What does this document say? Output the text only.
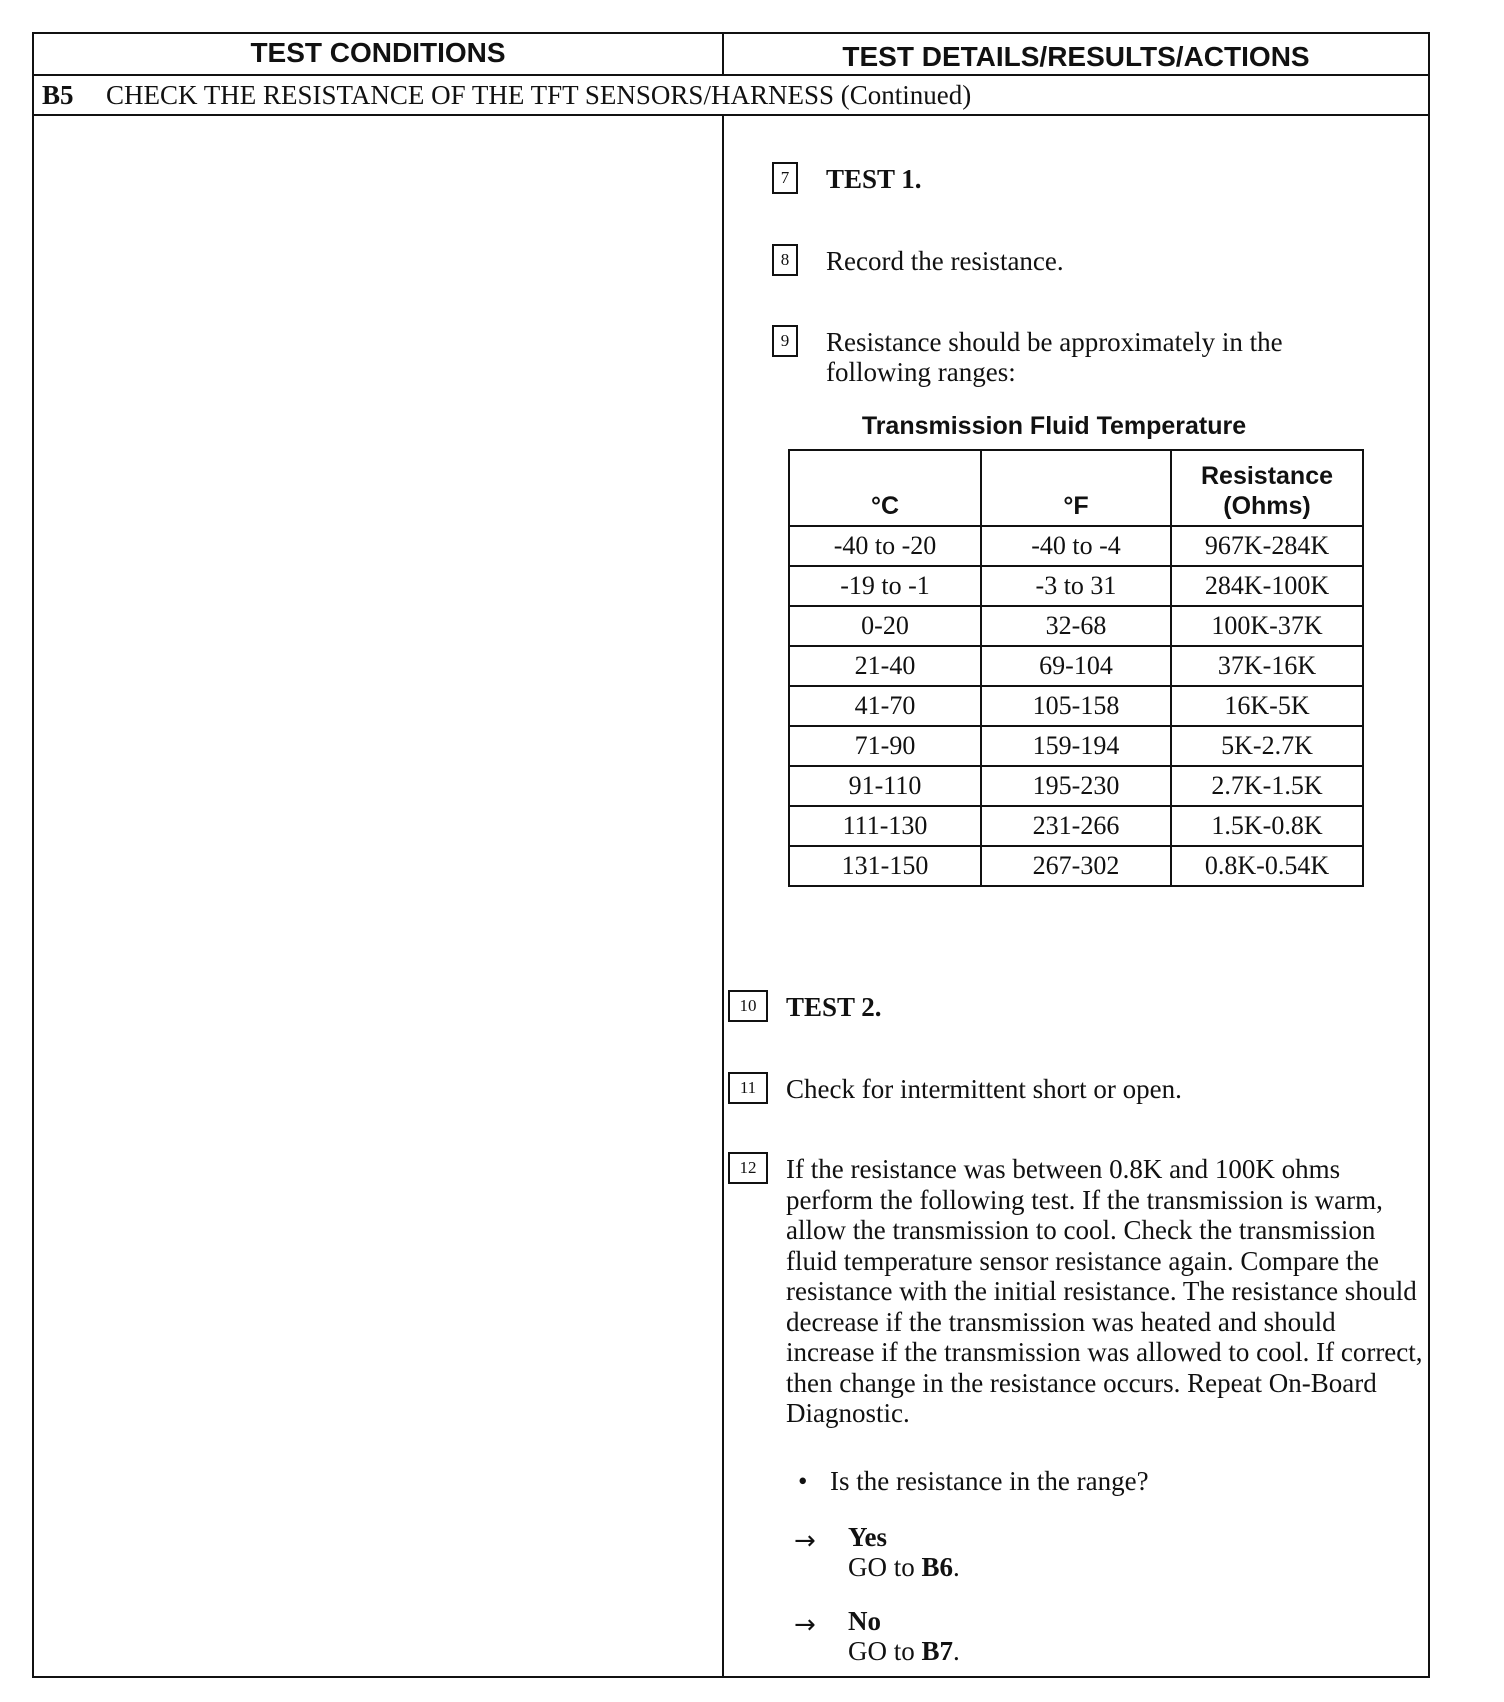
TEST CONDITIONS	TEST DETAILS/RESULTS/ACTIONS
B5 CHECK THE RESISTANCE OF THE TFT SENSORS/HARNESS (Continued)
7	TEST 1.
8	Record the resistance.
9	Resistance should be approximately in the following ranges:
Transmission Fluid Temperature
°C	°F	Resistance (Ohms)
-40 to -20	-40 to -4	967K-284K
-19 to -1	-3 to 31	284K-100K
0-20	32-68	100K-37K
21-40	69-104	37K-16K
41-70	105-158	16K-5K
71-90	159-194	5K-2.7K
91-110	195-230	2.7K-1.5K
111-130	231-266	1.5K-0.8K
131-150	267-302	0.8K-0.54K
10	TEST 2.
11	Check for intermittent short or open.
12	If the resistance was between 0.8K and 100K ohms perform the following test. If the transmission is warm, allow the transmission to cool. Check the transmission fluid temperature sensor resistance again. Compare the resistance with the initial resistance. The resistance should decrease if the transmission was heated and should increase if the transmission was allowed to cool. If correct, then change in the resistance occurs. Repeat On-Board Diagnostic.
• Is the resistance in the range?
→ Yes
GO to B6.
→ No
GO to B7.
